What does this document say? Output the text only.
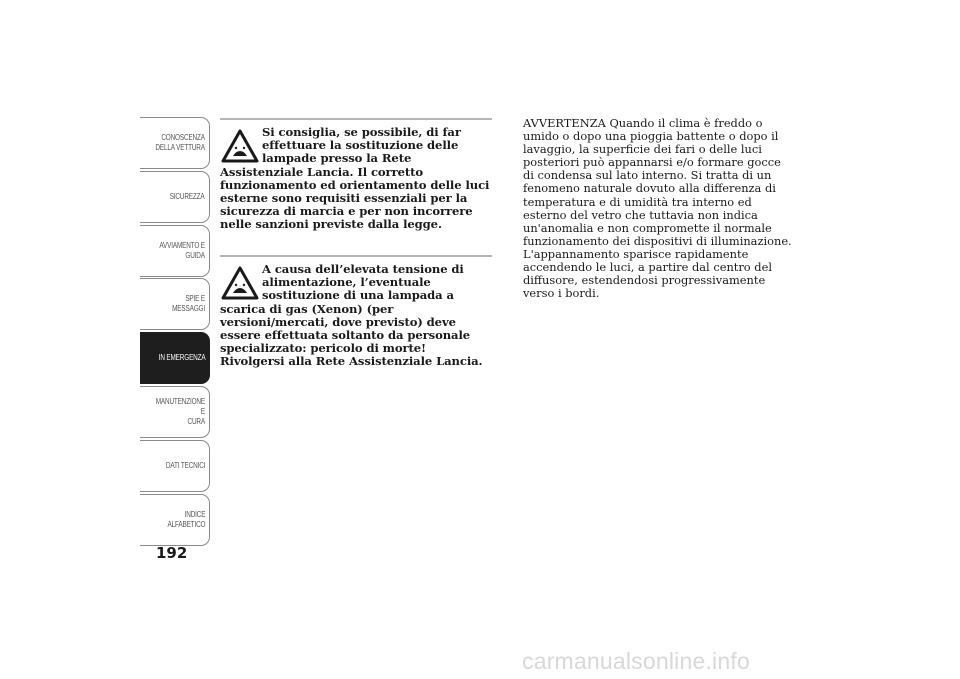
CONOSCENZA
DELLA VETTURA
SICUREZZA
AVVIAMENTO E
GUIDA
SPIE E MESSAGGI
IN EMERGENZA
MANUTENZIONE E
CURA
DATI TECNICI
INDICE
ALFABETICO
192

Si consiglia, se possibile, di far effettuare la sostituzione delle lampade presso la Rete Assistenziale Lancia. Il corretto funzionamento ed orientamento delle luci esterne sono requisiti essenziali per la sicurezza di marcia e per non incorrere nelle sanzioni previste dalla legge.

A causa dell’elevata tensione di alimentazione, l’eventuale sostituzione di una lampada a scarica di gas (Xenon) (per versioni/mercati, dove previsto) deve essere effettuata soltanto da personale specializzato: pericolo di morte! Rivolgersi alla Rete Assistenziale Lancia.

AVVERTENZA Quando il clima è freddo o umido o dopo una pioggia battente o dopo il lavaggio, la superficie dei fari o delle luci posteriori può appannarsi e/o formare gocce di condensa sul lato interno. Si tratta di un fenomeno naturale dovuto alla differenza di temperatura e di umidità tra interno ed esterno del vetro che tuttavia non indica un'anomalia e non compromette il normale funzionamento dei dispositivi di illuminazione. L'appannamento sparisce rapidamente accendendo le luci, a partire dal centro del diffusore, estendendosi progressivamente verso i bordi.

carmanualsonline.info
